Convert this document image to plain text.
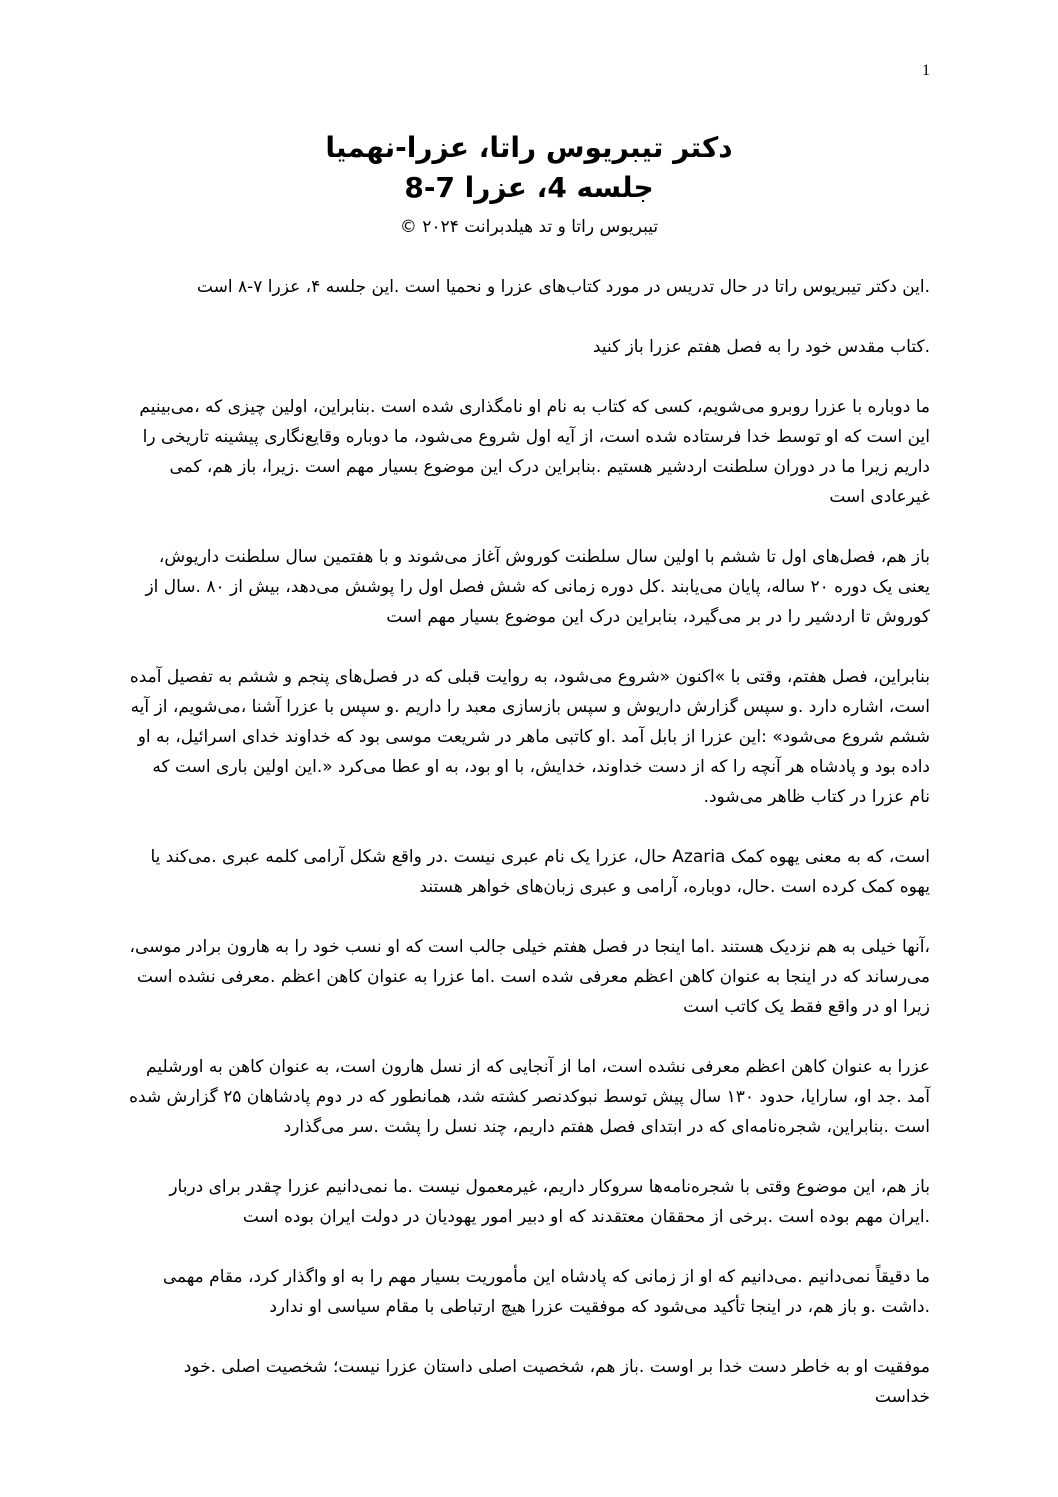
1
دکتر تیبریوس راتا، عزرا-نهمیا
جلسه 4، عزرا 7-8
تیبریوس راتا و تد هیلدبرانت ۲۰۲۴ ©

.این دکتر تیبریوس راتا در حال تدریس در مورد کتاب‌های عزرا و نحمیا است .این جلسه ۴، عزرا ۷-۸ است

.کتاب مقدس خود را به فصل هفتم عزرا باز کنید

ما دوباره با عزرا روبرو می‌شویم، کسی که کتاب به نام او نامگذاری شده است .بنابراین، اولین چیزی که ،می‌بینیم این است که او توسط خدا فرستاده شده است، از آیه اول شروع می‌شود، ما دوباره وقایع‌نگاری پیشینه تاریخی را داریم زیرا ما در دوران سلطنت اردشیر هستیم .بنابراین درک این موضوع بسیار مهم است .زیرا، باز هم، کمی غیرعادی است

باز هم، فصل‌های اول تا ششم با اولین سال سلطنت کوروش آغاز می‌شوند و با هفتمین سال سلطنت داریوش، یعنی یک دوره ۲۰ ساله، پایان می‌یابند .کل دوره زمانی که شش فصل اول را پوشش می‌دهد، بیش از ۸۰ .سال از کوروش تا اردشیر را در بر می‌گیرد، بنابراین درک این موضوع بسیار مهم است

بنابراین، فصل هفتم، وقتی با »اکنون «شروع می‌شود، به روایت قبلی که در فصل‌های پنجم و ششم به تفصیل آمده است، اشاره دارد .و سپس گزارش داریوش و سپس بازسازی معبد را داریم .و سپس با عزرا آشنا ،می‌شویم، از آیه ششم شروع می‌شود» :این عزرا از بابل آمد .او کاتبی ماهر در شریعت موسی بود که خداوند خدای اسرائیل، به او داده بود و پادشاه هر آنچه را که از دست خداوند، خدایش، با او بود، به او عطا می‌کرد «.این اولین باری است که نام عزرا در کتاب ظاهر می‌شود.

است، که به معنی یهوه کمک Azaria حال، عزرا یک نام عبری نیست .در واقع شکل آرامی کلمه عبری .می‌کند یا یهوه کمک کرده است .حال، دوباره، آرامی و عبری زبان‌های خواهر هستند

،آنها خیلی به هم نزدیک هستند .اما اینجا در فصل هفتم خیلی جالب است که او نسب خود را به هارون برادر موسی، می‌رساند که در اینجا به عنوان کاهن اعظم معرفی شده است .اما عزرا به عنوان کاهن اعظم .معرفی نشده است زیرا او در واقع فقط یک کاتب است

عزرا به عنوان کاهن اعظم معرفی نشده است، اما از آنجایی که از نسل هارون است، به عنوان کاهن به اورشلیم آمد .جد او، سارایا، حدود ۱۳۰ سال پیش توسط نبوکدنصر کشته شد، همانطور که در دوم پادشاهان ۲۵ گزارش شده است .بنابراین، شجره‌نامه‌ای که در ابتدای فصل هفتم داریم، چند نسل را پشت .سر می‌گذارد

باز هم، این موضوع وقتی با شجره‌نامه‌ها سروکار داریم، غیرمعمول نیست .ما نمی‌دانیم عزرا چقدر برای دربار .ایران مهم بوده است .برخی از محققان معتقدند که او دبیر امور یهودیان در دولت ایران بوده است

ما دقیقاً نمی‌دانیم .می‌دانیم که او از زمانی که پادشاه این مأموریت بسیار مهم را به او واگذار کرد، مقام مهمی .داشت .و باز هم، در اینجا تأکید می‌شود که موفقیت عزرا هیچ ارتباطی با مقام سیاسی او ندارد

موفقیت او به خاطر دست خدا بر اوست .باز هم، شخصیت اصلی داستان عزرا نیست؛ شخصیت اصلی .خود خداست
